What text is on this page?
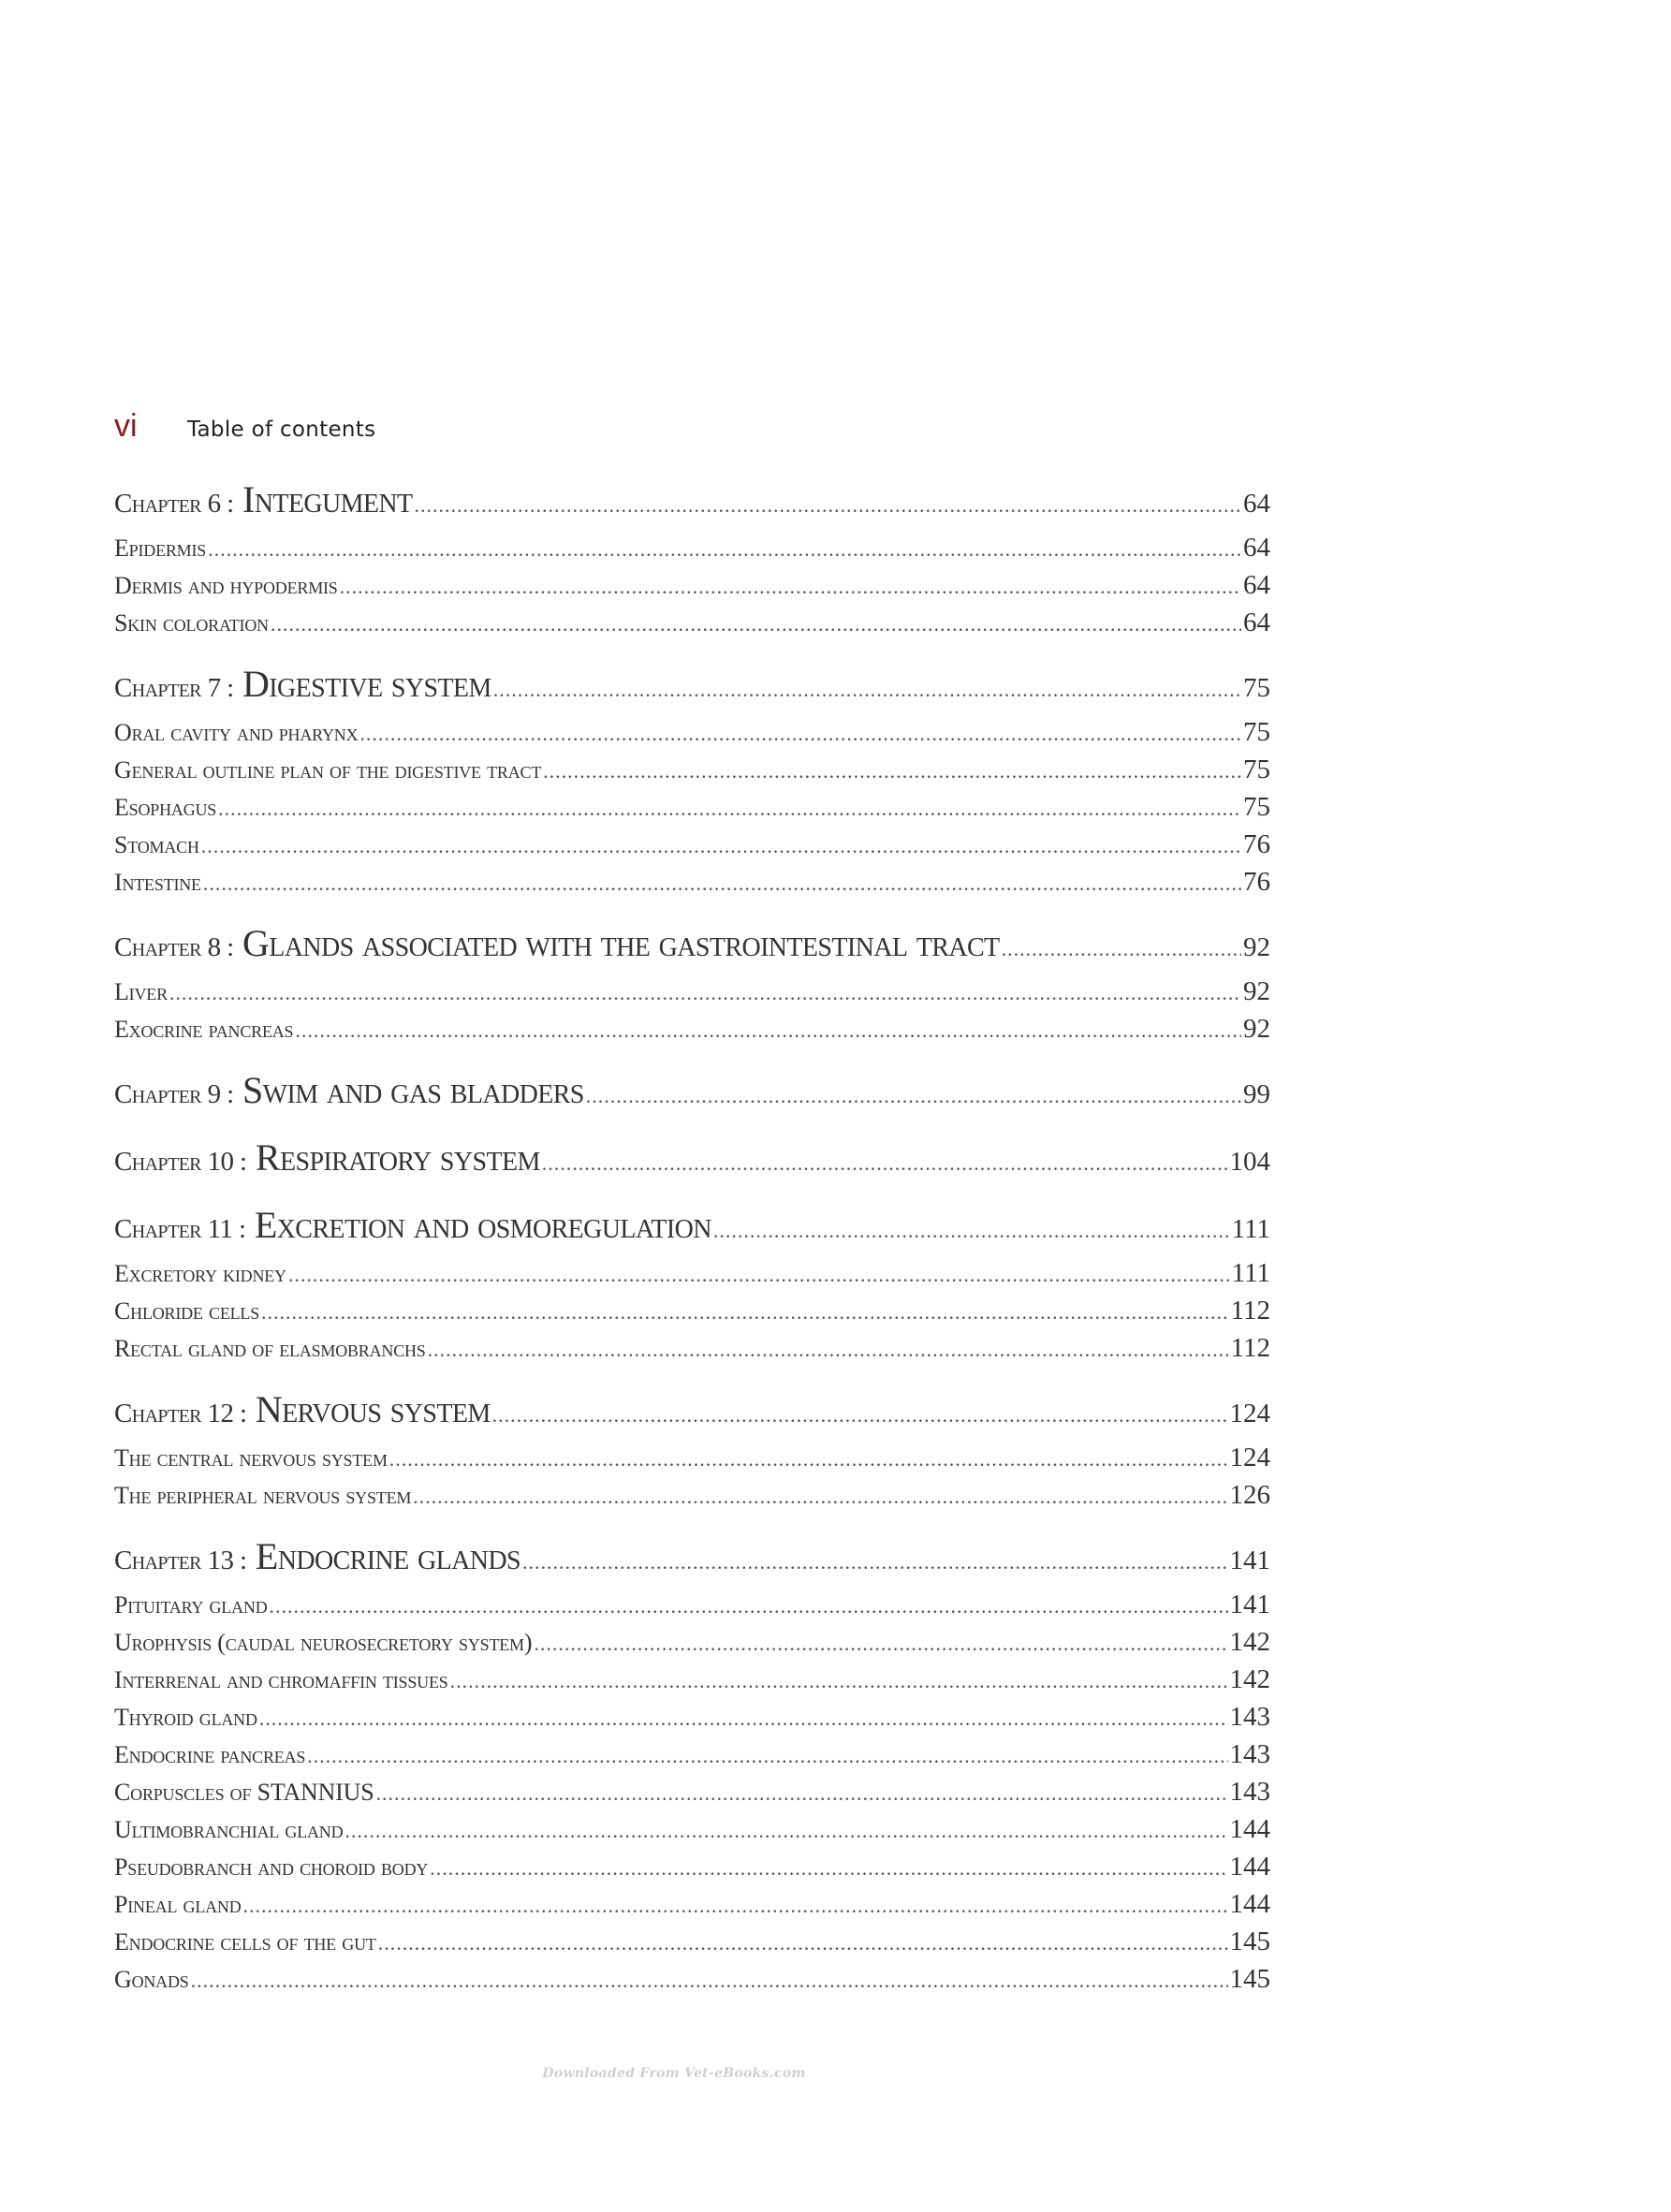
vi	Table of contents
Chapter 6 : Integument .....	64
Epidermis .....	64
Dermis and hypodermis .....	64
Skin coloration .....	64
Chapter 7 : Digestive system .....	75
Oral cavity and pharynx .....	75
General outline plan of the digestive tract .....	75
Esophagus .....	75
Stomach .....	76
Intestine .....	76
Chapter 8 : Glands associated with the gastrointestinal tract .....	92
Liver .....	92
Exocrine pancreas .....	92
Chapter 9 : Swim and gas bladders .....	99
Chapter 10 : Respiratory system .....	104
Chapter 11 : Excretion and osmoregulation .....	111
Excretory kidney .....	111
Chloride cells .....	112
Rectal gland of elasmobranchs .....	112
Chapter 12 : Nervous system .....	124
The central nervous system .....	124
The peripheral nervous system .....	126
Chapter 13 : Endocrine glands .....	141
Pituitary gland .....	141
Urophysis (caudal neurosecretory system) .....	142
Interrenal and chromaffin tissues .....	142
Thyroid gland .....	143
Endocrine pancreas .....	143
Corpuscles of STANNIUS .....	143
Ultimobranchial gland .....	144
Pseudobranch and choroid body .....	144
Pineal gland .....	144
Endocrine cells of the gut .....	145
Gonads .....	145
Downloaded From Vet-eBooks.com
